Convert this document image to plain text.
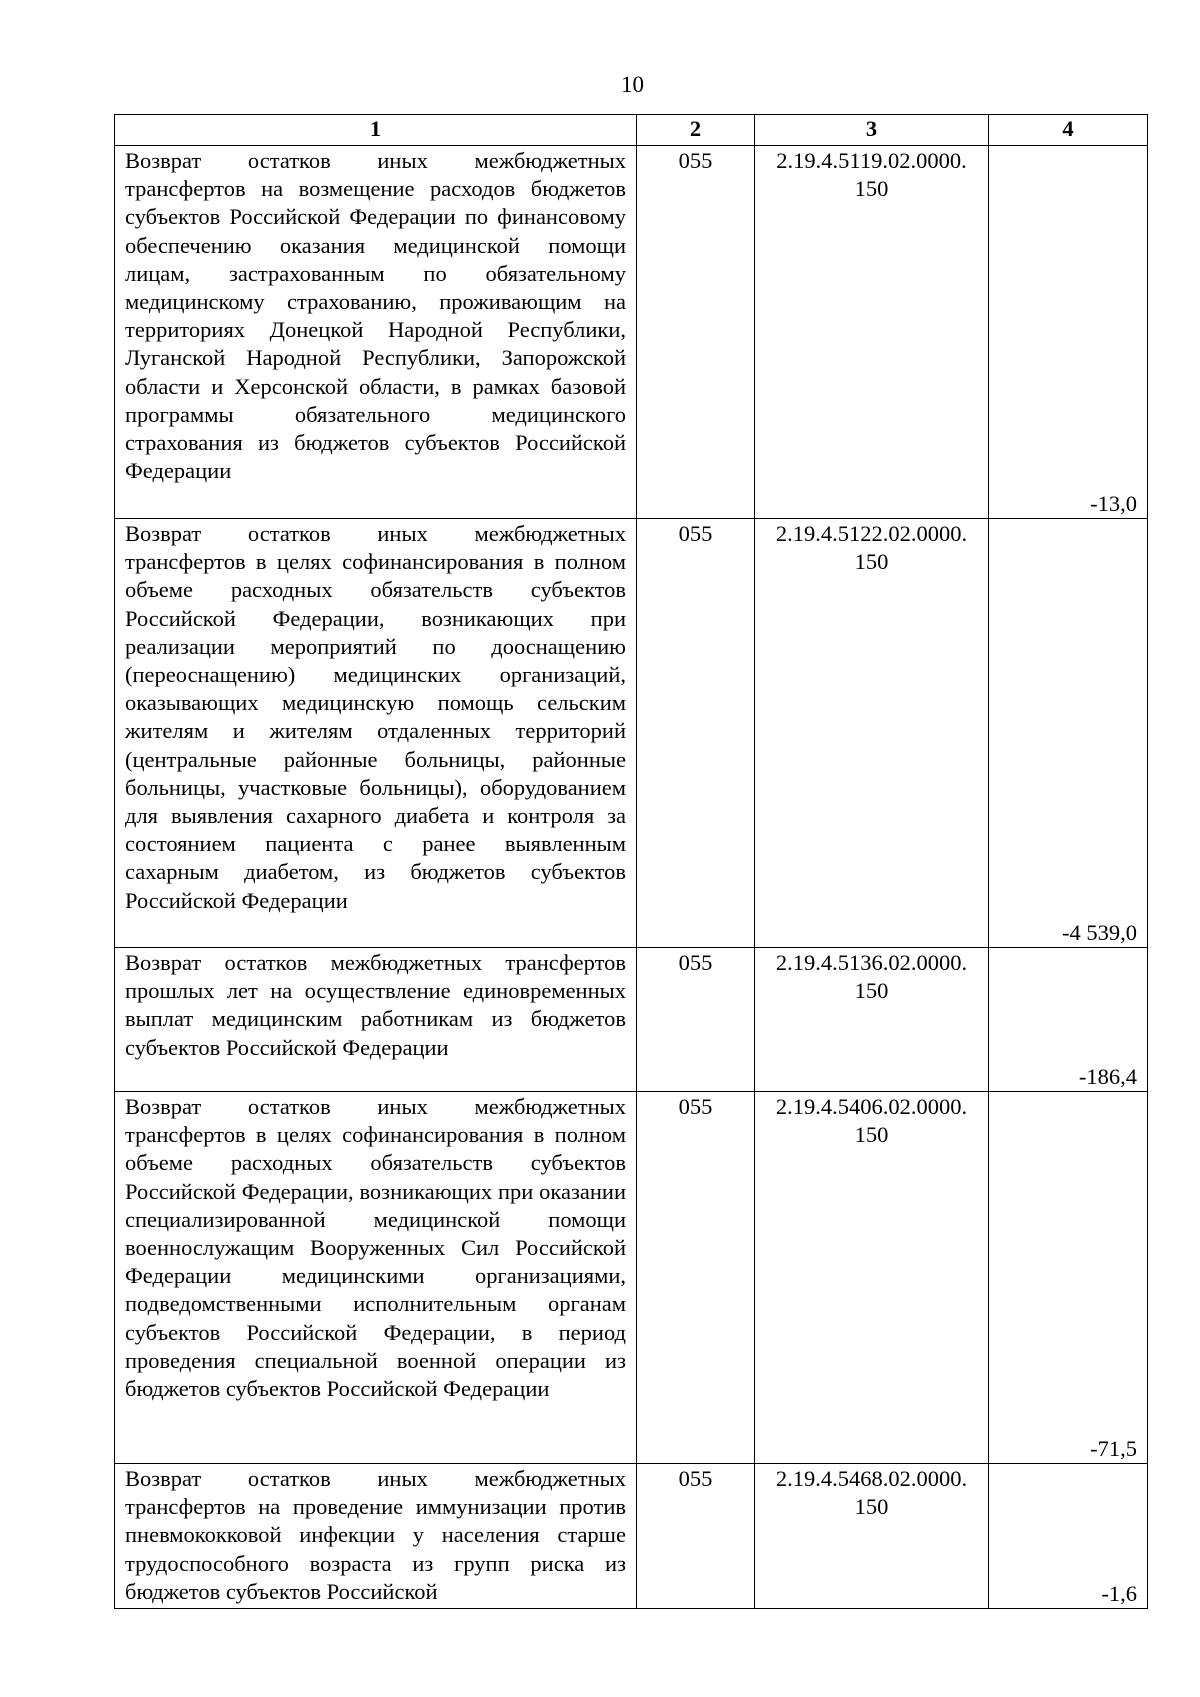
10
1	2	3	4
Возврат остатков иных межбюджетных трансфертов на возмещение расходов бюджетов субъектов Российской Федерации по финансовому обеспечению оказания медицинской помощи лицам, застрахованным по обязательному медицинскому страхованию, проживающим на территориях Донецкой Народной Республики, Луганской Народной Республики, Запорожской области и Херсонской области, в рамках базовой программы обязательного медицинского страхования из бюджетов субъектов Российской Федерации	055	2.19.4.5119.02.0000.
150	-13,0
Возврат остатков иных межбюджетных трансфертов в целях софинансирования в полном объеме расходных обязательств субъектов Российской Федерации, возникающих при реализации мероприятий по дооснащению (переоснащению) медицинских организаций, оказывающих медицинскую помощь сельским жителям и жителям отдаленных территорий (центральные районные больницы, районные больницы, участковые больницы), оборудованием для выявления сахарного диабета и контроля за состоянием пациента с ранее выявленным сахарным диабетом, из бюджетов субъектов Российской Федерации	055	2.19.4.5122.02.0000.
150	-4 539,0
Возврат остатков межбюджетных трансфертов прошлых лет на осуществление единовременных выплат медицинским работникам из бюджетов субъектов Российской Федерации	055	2.19.4.5136.02.0000.
150	-186,4
Возврат остатков иных межбюджетных трансфертов в целях софинансирования в полном объеме расходных обязательств субъектов Российской Федерации, возникающих при оказании специализированной медицинской помощи военнослужащим Вооруженных Сил Российской Федерации медицинскими организациями, подведомственными исполнительным органам субъектов Российской Федерации, в период проведения специальной военной операции из бюджетов субъектов Российской Федерации	055	2.19.4.5406.02.0000.
150	-71,5
Возврат остатков иных межбюджетных трансфертов на проведение иммунизации против пневмококковой инфекции у населения старше трудоспособного возраста из групп риска из бюджетов субъектов Российской	055	2.19.4.5468.02.0000.
150	-1,6
